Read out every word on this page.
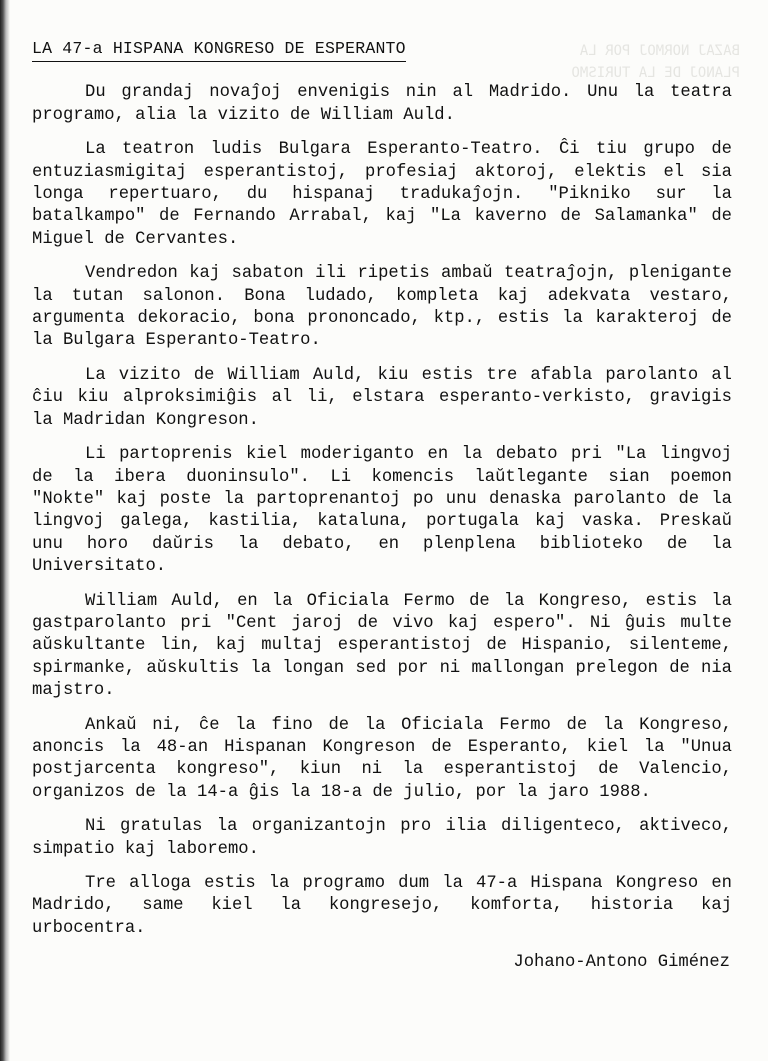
BAZAJ NORMOJ POR LA
PLANOJ DE LA TURISMO
LA 47-a HISPANA KONGRESO DE ESPERANTO

Du grandaj novaĵoj envenigis nin al Madrido. Unu la teatra programo, alia la vizito de William Auld.

La teatron ludis Bulgara Esperanto-Teatro. Ĉi tiu grupo de entuziasmigitaj esperantistoj, profesiaj aktoroj, elektis el sia longa repertuaro, du hispanaj tradukaĵojn. "Pikniko sur la batalkampo" de Fernando Arrabal, kaj "La kaverno de Salamanka" de Miguel de Cervantes.

Vendredon kaj sabaton ili ripetis ambaŭ teatraĵojn, plenigante la tutan salonon. Bona ludado, kompleta kaj adekvata vestaro, argumenta dekoracio, bona prononcado, ktp., estis la karakteroj de la Bulgara Esperanto-Teatro.

La vizito de William Auld, kiu estis tre afabla parolanto al ĉiu kiu alproksimiĝis al li, elstara esperanto-verkisto, gravigis la Madridan Kongreson.

Li partoprenis kiel moderiganto en la debato pri "La lingvoj de la ibera duoninsulo". Li komencis laŭtlegante sian poemon "Nokte" kaj poste la partoprenantoj po unu denaska parolanto de la lingvoj galega, kastilia, kataluna, portugala kaj vaska. Preskaŭ unu horo daŭris la debato, en plenplena biblioteko de la Universitato.

William Auld, en la Oficiala Fermo de la Kongreso, estis la gastparolanto pri "Cent jaroj de vivo kaj espero". Ni ĝuis multe aŭskultante lin, kaj multaj esperantistoj de Hispanio, silenteme, spirmanke, aŭskultis la longan sed por ni mallongan prelegon de nia majstro.

Ankaŭ ni, ĉe la fino de la Oficiala Fermo de la Kongreso, anoncis la 48-an Hispanan Kongreson de Esperanto, kiel la "Unua postjarcenta kongreso", kiun ni la esperantistoj de Valencio, organizos de la 14-a ĝis la 18-a de julio, por la jaro 1988.

Ni gratulas la organizantojn pro ilia diligenteco, aktiveco, simpatio kaj laboremo.

Tre alloga estis la programo dum la 47-a Hispana Kongreso en Madrido, same kiel la kongresejo, komforta, historia kaj urbocentra.

Johano-Antono Giménez
